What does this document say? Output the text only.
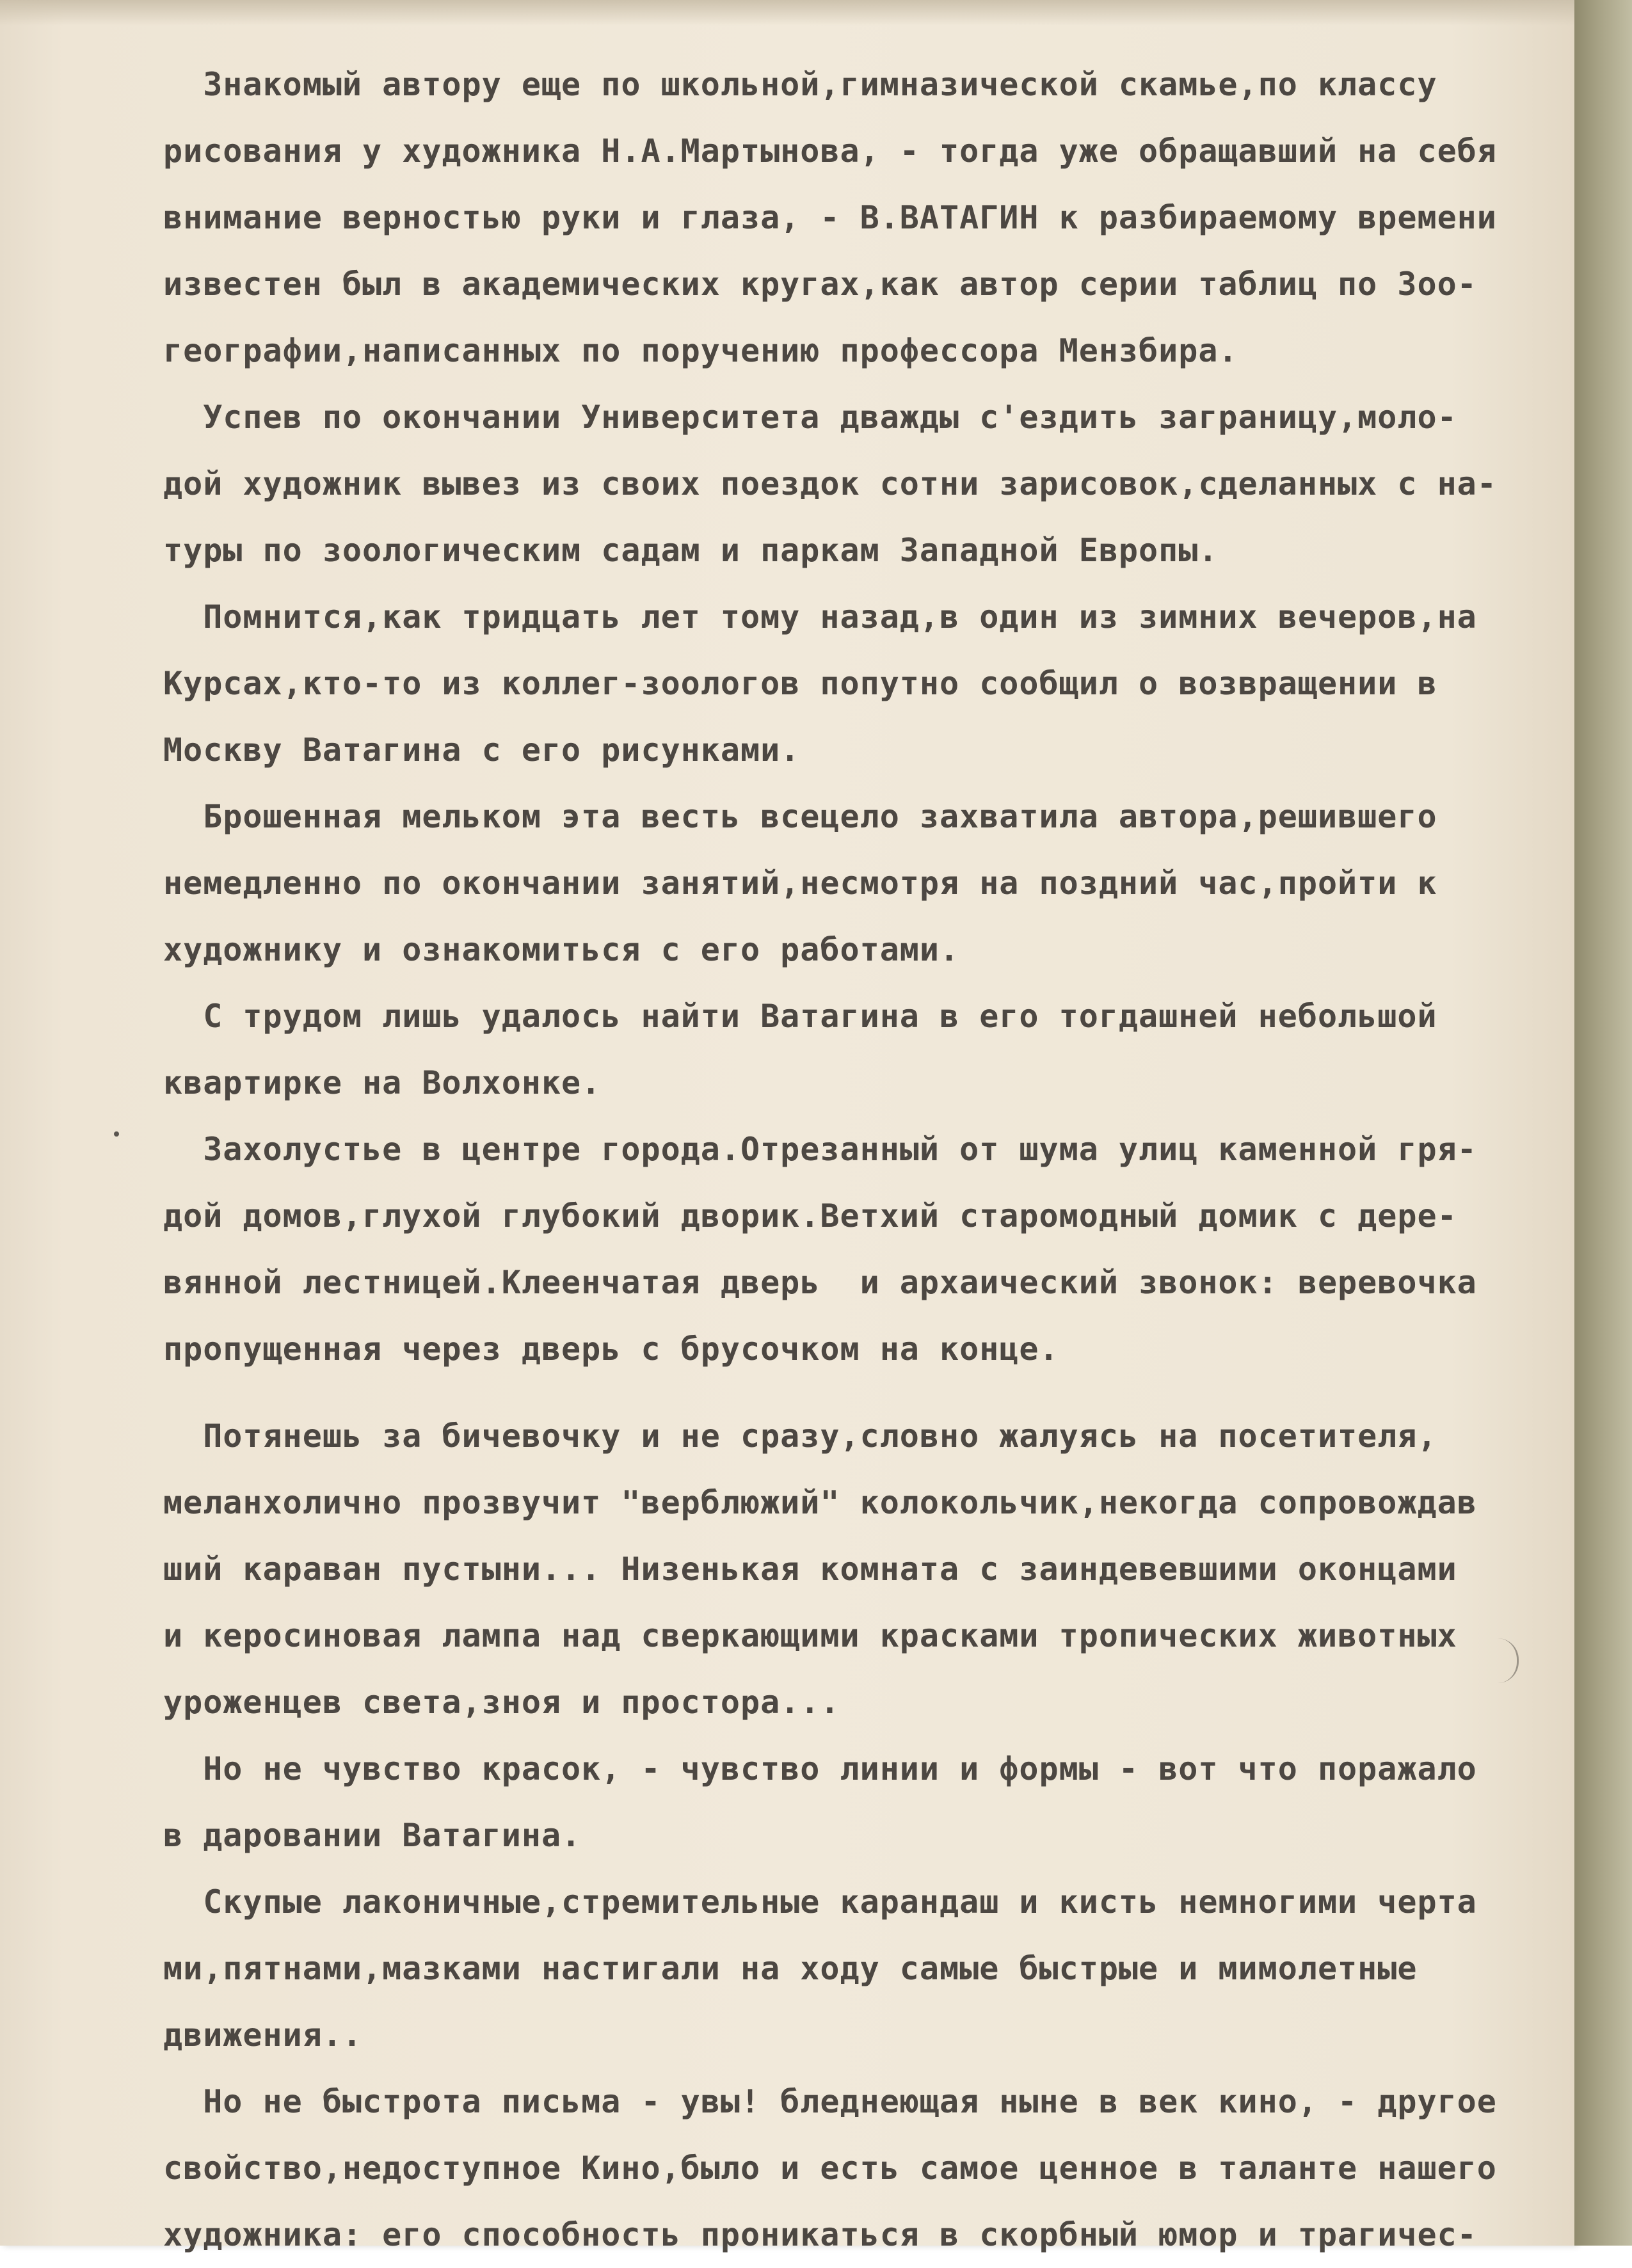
Знакомый автору еще по школьной,гимназической скамье,по классу
рисования у художника Н.А.Мартынова, - тогда уже обращавший на себя
внимание верностью руки и глаза, - В.ВАТАГИН к разбираемому времени
известен был в академических кругах,как автор серии таблиц по Зоо-
географии,написанных по поручению профессора Мензбира.
Успев по окончании Университета дважды с'ездить заграницу,моло-
дой художник вывез из своих поездок сотни зарисовок,сделанных с на-
туры по зоологическим садам и паркам Западной Европы.
Помнится,как тридцать лет тому назад,в один из зимних вечеров,на
Курсах,кто-то из коллег-зоологов попутно сообщил о возвращении в
Москву Ватагина с его рисунками.
Брошенная мельком эта весть всецело захватила автора,решившего
немедленно по окончании занятий,несмотря на поздний час,пройти к
художнику и ознакомиться с его работами.
С трудом лишь удалось найти Ватагина в его тогдашней небольшой
квартирке на Волхонке.
Захолустье в центре города.Отрезанный от шума улиц каменной гря-
дой домов,глухой глубокий дворик.Ветхий старомодный домик с дере-
вянной лестницей.Клеенчатая дверь  и архаический звонок: веревочка
пропущенная через дверь с брусочком на конце.
Потянешь за бичевочку и не сразу,словно жалуясь на посетителя,
меланхолично прозвучит "верблюжий" колокольчик,некогда сопровождав
ший караван пустыни... Низенькая комната с заиндевевшими оконцами
и керосиновая лампа над сверкающими красками тропических животных
уроженцев света,зноя и простора...
Но не чувство красок, - чувство линии и формы - вот что поражало
в даровании Ватагина.
Скупые лаконичные,стремительные карандаш и кисть немногими черта
ми,пятнами,мазками настигали на ходу самые быстрые и мимолетные
движения..
Но не быстрота письма - увы! бледнеющая ныне в век кино, - другое
свойство,недоступное Кино,было и есть самое ценное в таланте нашего
художника: его способность проникаться в скорбный юмор и трагичес-
